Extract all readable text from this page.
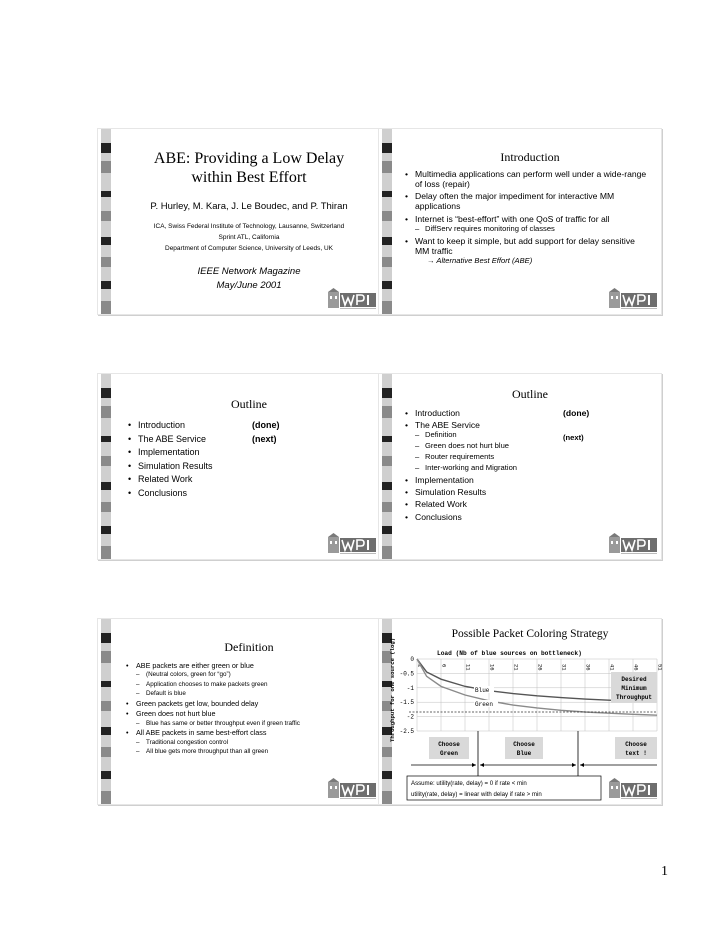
ABE: Providing a Low Delay
within Best Effort
P. Hurley, M. Kara, J. Le Boudec, and P. Thiran
ICA, Swiss Federal Institute of Technology, Lausanne, Switzerland
Sprint ATL, California
Department of Computer Science, University of Leeds, UK
IEEE Network Magazine
May/June 2001
Introduction
• Multimedia applications can perform well under a wide-range of loss (repair)
• Delay often the major impediment for interactive MM applications
• Internet is “best-effort” with one QoS of traffic for all
– DiffServ requires monitoring of classes
• Want to keep it simple, but add support for delay sensitive MM traffic
→ Alternative Best Effort (ABE)
Outline
• Introduction
• The ABE Service
• Implementation
• Simulation Results
• Related Work
• Conclusions
(done)
(next)
Outline
• Introduction
• The ABE Service
– Definition
– Green does not hurt blue
– Router requirements
– Inter-working and Migration
• Implementation
• Simulation Results
• Related Work
• Conclusions
(done)
(next)
Definition
• ABE packets are either green or blue
– (Neutral colors, green for “go”)
– Application chooses to make packets green
– Default is blue
• Green packets get low, bounded delay
• Green does not hurt blue
– Blue has same or better throughput even if green traffic
• All ABE packets in same best-effort class
– Traditional congestion control
– All blue gets more throughput than all green
Possible Packet Coloring Strategy
Load (Nb of blue sources on bottleneck)
Throughput for one source (log) 0
-0.5
-1
-1.5
-2
-2.5
1	6	11	16	21	26	31	36	41	46	51
Desired
Minimum
Throughput
Blue
Green
Choose
Green
Choose
Blue
Choose
text !
Assume: utility(rate, delay) = 0 if rate < min
utility(rate, delay) = linear with delay if rate > min
1
